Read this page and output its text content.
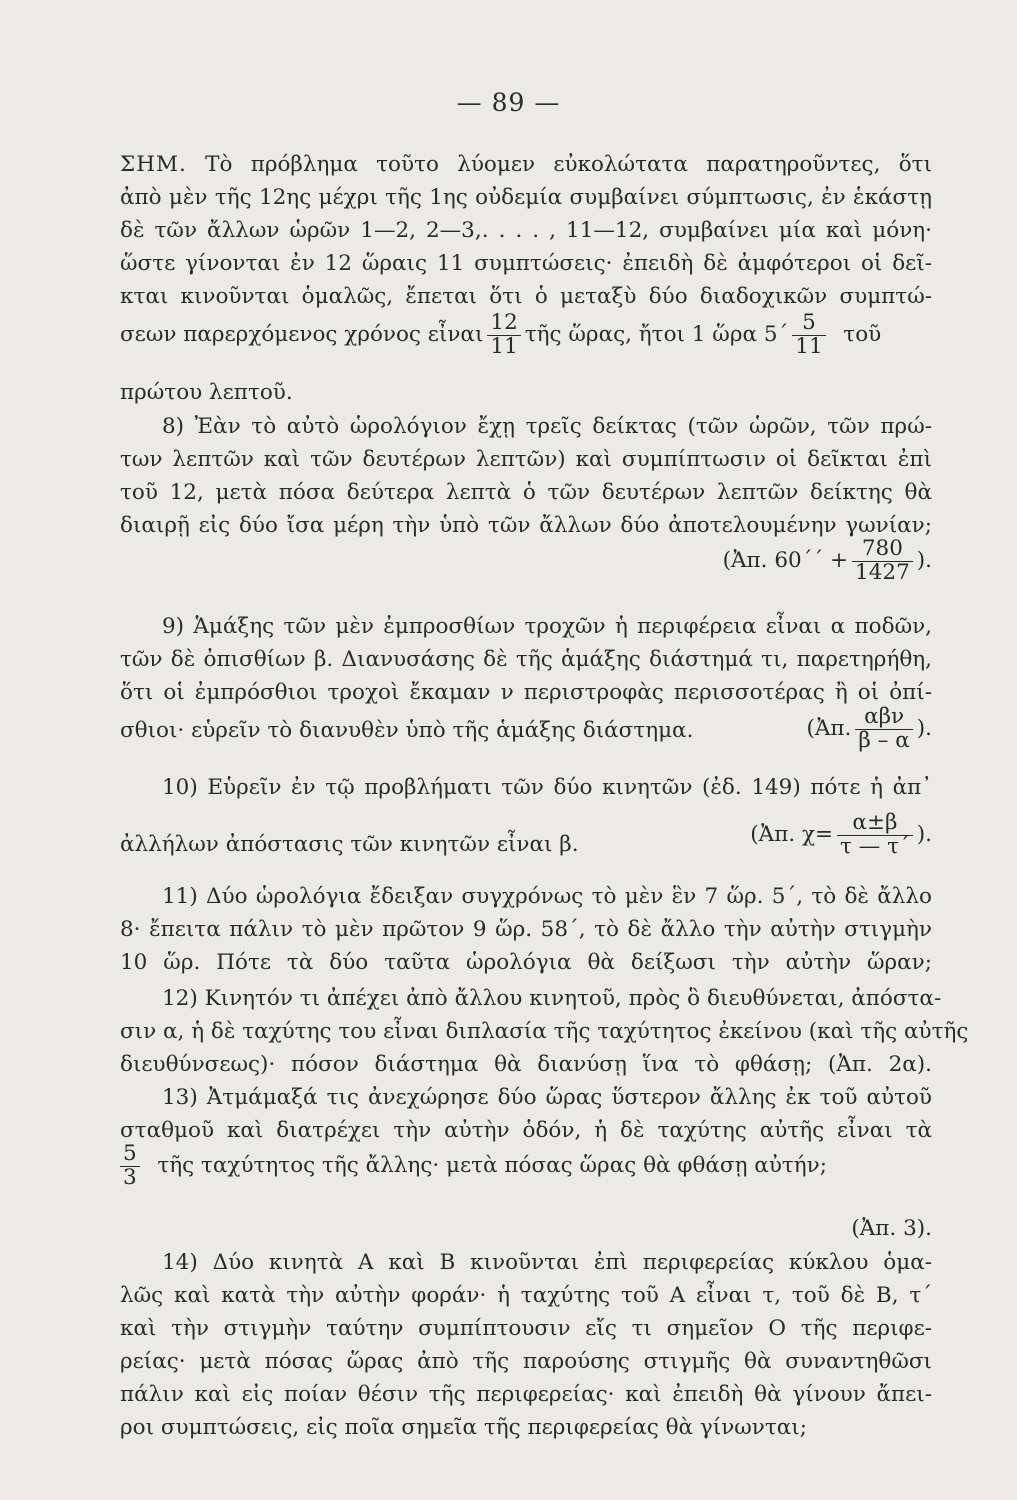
— 89 —
ΣΗΜ. Τὸ πρόβλημα τοῦτο λύομεν εὐκολώτατα παρατηροῦντες, ὅτι
ἀπὸ μὲν τῆς 12ης μέχρι τῆς 1ης οὐδεμία συμβαίνει σύμπτωσις, ἐν ἑκάστῃ
δὲ τῶν ἄλλων ὡρῶν 1—2, 2—3,. . . . , 11—12, συμβαίνει μία καὶ μόνη·
ὥστε γίνονται ἐν 12 ὥραις 11 συμπτώσεις· ἐπειδὴ δὲ ἀμφότεροι οἱ δεῖ-
κται κινοῦνται ὁμαλῶς, ἔπεται ὅτι ὁ μεταξὺ δύο διαδοχικῶν συμπτώ-
σεων παρερχόμενος χρόνος εἶναι $\frac{12}{11}$ τῆς ὥρας, ἤτοι 1 ὥρα $5΄ \frac{5}{11}$ τοῦ
πρώτου λεπτοῦ.
8) Ἐὰν τὸ αὐτὸ ὡρολόγιον ἔχῃ τρεῖς δείκτας (τῶν ὡρῶν, τῶν πρώ-
των λεπτῶν καὶ τῶν δευτέρων λεπτῶν) καὶ συμπίπτωσιν οἱ δεῖκται ἐπὶ
τοῦ 12, μετὰ πόσα δεύτερα λεπτὰ ὁ τῶν δευτέρων λεπτῶν δείκτης θὰ
διαιρῇ εἰς δύο ἴσα μέρη τὴν ὑπὸ τῶν ἄλλων δύο ἀποτελουμένην γωνίαν;
(Ἀπ. $60΄΄ + \frac{780}{1427}$ ).
9) Ἁμάξης τῶν μὲν ἐμπροσθίων τροχῶν ἡ περιφέρεια εἶναι α ποδῶν,
τῶν δὲ ὀπισθίων β. Διανυσάσης δὲ τῆς ἁμάξης διάστημά τι, παρετηρήθη,
ὅτι οἱ ἐμπρόσθιοι τροχοὶ ἔκαμαν ν περιστροφὰς περισσοτέρας ἢ οἱ ὀπί-
σθιοι· εὑρεῖν τὸ διανυθὲν ὑπὸ τῆς ἁμάξης διάστημα.	(Ἀπ. $\frac{\text{αβν}}{\beta - \alpha}$ ).
10) Εὑρεῖν ἐν τῷ προβλήματι τῶν δύο κινητῶν (ἐδ. 149) πότε ἡ ἀπ᾿
ἀλλήλων ἀπόστασις τῶν κινητῶν εἶναι β.	(Ἀπ. $\chi= \frac{\alpha\pm\beta}{\tau — \tau΄}$ ).
11) Δύο ὡρολόγια ἔδειξαν συγχρόνως τὸ μὲν ἓν 7 ὥρ. 5΄, τὸ δὲ ἄλλο
8· ἔπειτα πάλιν τὸ μὲν πρῶτον 9 ὥρ. 58΄, τὸ δὲ ἄλλο τὴν αὐτὴν στιγμὴν
10 ὥρ. Πότε τὰ δύο ταῦτα ὡρολόγια θὰ δείξωσι τὴν αὐτὴν ὥραν;
12) Κινητόν τι ἀπέχει ἀπὸ ἄλλου κινητοῦ, πρὸς ὃ διευθύνεται, ἀπόστα-
σιν α, ἡ δὲ ταχύτης του εἶναι διπλασία τῆς ταχύτητος ἐκείνου (καὶ τῆς αὐτῆς
διευθύνσεως)· πόσον διάστημα θὰ διανύσῃ ἵνα τὸ φθάσῃ; (Ἀπ. 2α).
13) Ἀτμάμαξά τις ἀνεχώρησε δύο ὥρας ὕστερον ἄλλης ἐκ τοῦ αὐτοῦ
σταθμοῦ καὶ διατρέχει τὴν αὐτὴν ὁδόν, ἡ δὲ ταχύτης αὐτῆς εἶναι τὰ
$\frac{5}{3}$ τῆς ταχύτητος τῆς ἄλλης· μετὰ πόσας ὥρας θὰ φθάσῃ αὐτήν;
(Ἀπ. 3).
14) Δύο κινητὰ Α καὶ Β κινοῦνται ἐπὶ περιφερείας κύκλου ὁμα-
λῶς καὶ κατὰ τὴν αὐτὴν φοράν· ἡ ταχύτης τοῦ Α εἶναι τ, τοῦ δὲ Β, τ΄
καὶ τὴν στιγμὴν ταύτην συμπίπτουσιν εἴς τι σημεῖον Ο τῆς περιφε-
ρείας· μετὰ πόσας ὥρας ἀπὸ τῆς παρούσης στιγμῆς θὰ συναντηθῶσι
πάλιν καὶ εἰς ποίαν θέσιν τῆς περιφερείας· καὶ ἐπειδὴ θὰ γίνουν ἄπει-
ροι συμπτώσεις, εἰς ποῖα σημεῖα τῆς περιφερείας θὰ γίνωνται;
